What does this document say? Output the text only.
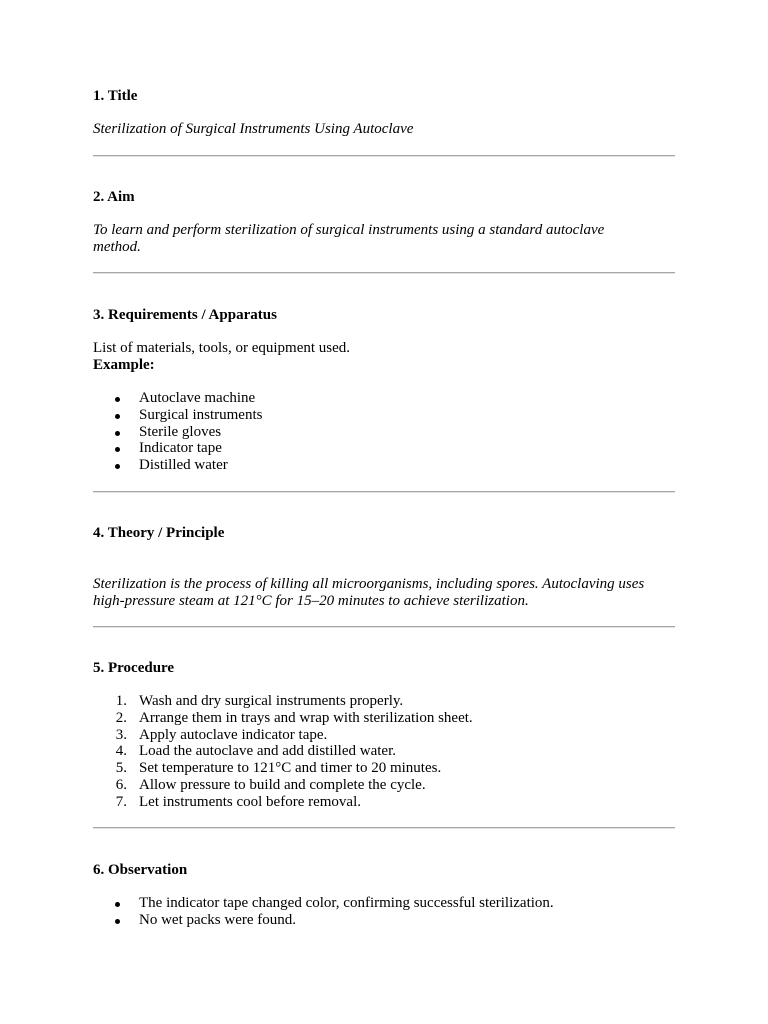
1. Title

Sterilization of Surgical Instruments Using Autoclave

2. Aim

To learn and perform sterilization of surgical instruments using a standard autoclave

method.

3. Requirements / Apparatus

List of materials, tools, or equipment used.

Example:

Autoclave machine
Surgical instruments
Sterile gloves
Indicator tape
Distilled water

4. Theory / Principle

Sterilization is the process of killing all microorganisms, including spores. Autoclaving uses

high-pressure steam at 121°C for 15–20 minutes to achieve sterilization.

5. Procedure

1. Wash and dry surgical instruments properly.
2. Arrange them in trays and wrap with sterilization sheet.
3. Apply autoclave indicator tape.
4. Load the autoclave and add distilled water.
5. Set temperature to 121°C and timer to 20 minutes.
6. Allow pressure to build and complete the cycle.
7. Let instruments cool before removal.

6. Observation

The indicator tape changed color, confirming successful sterilization.
No wet packs were found.
